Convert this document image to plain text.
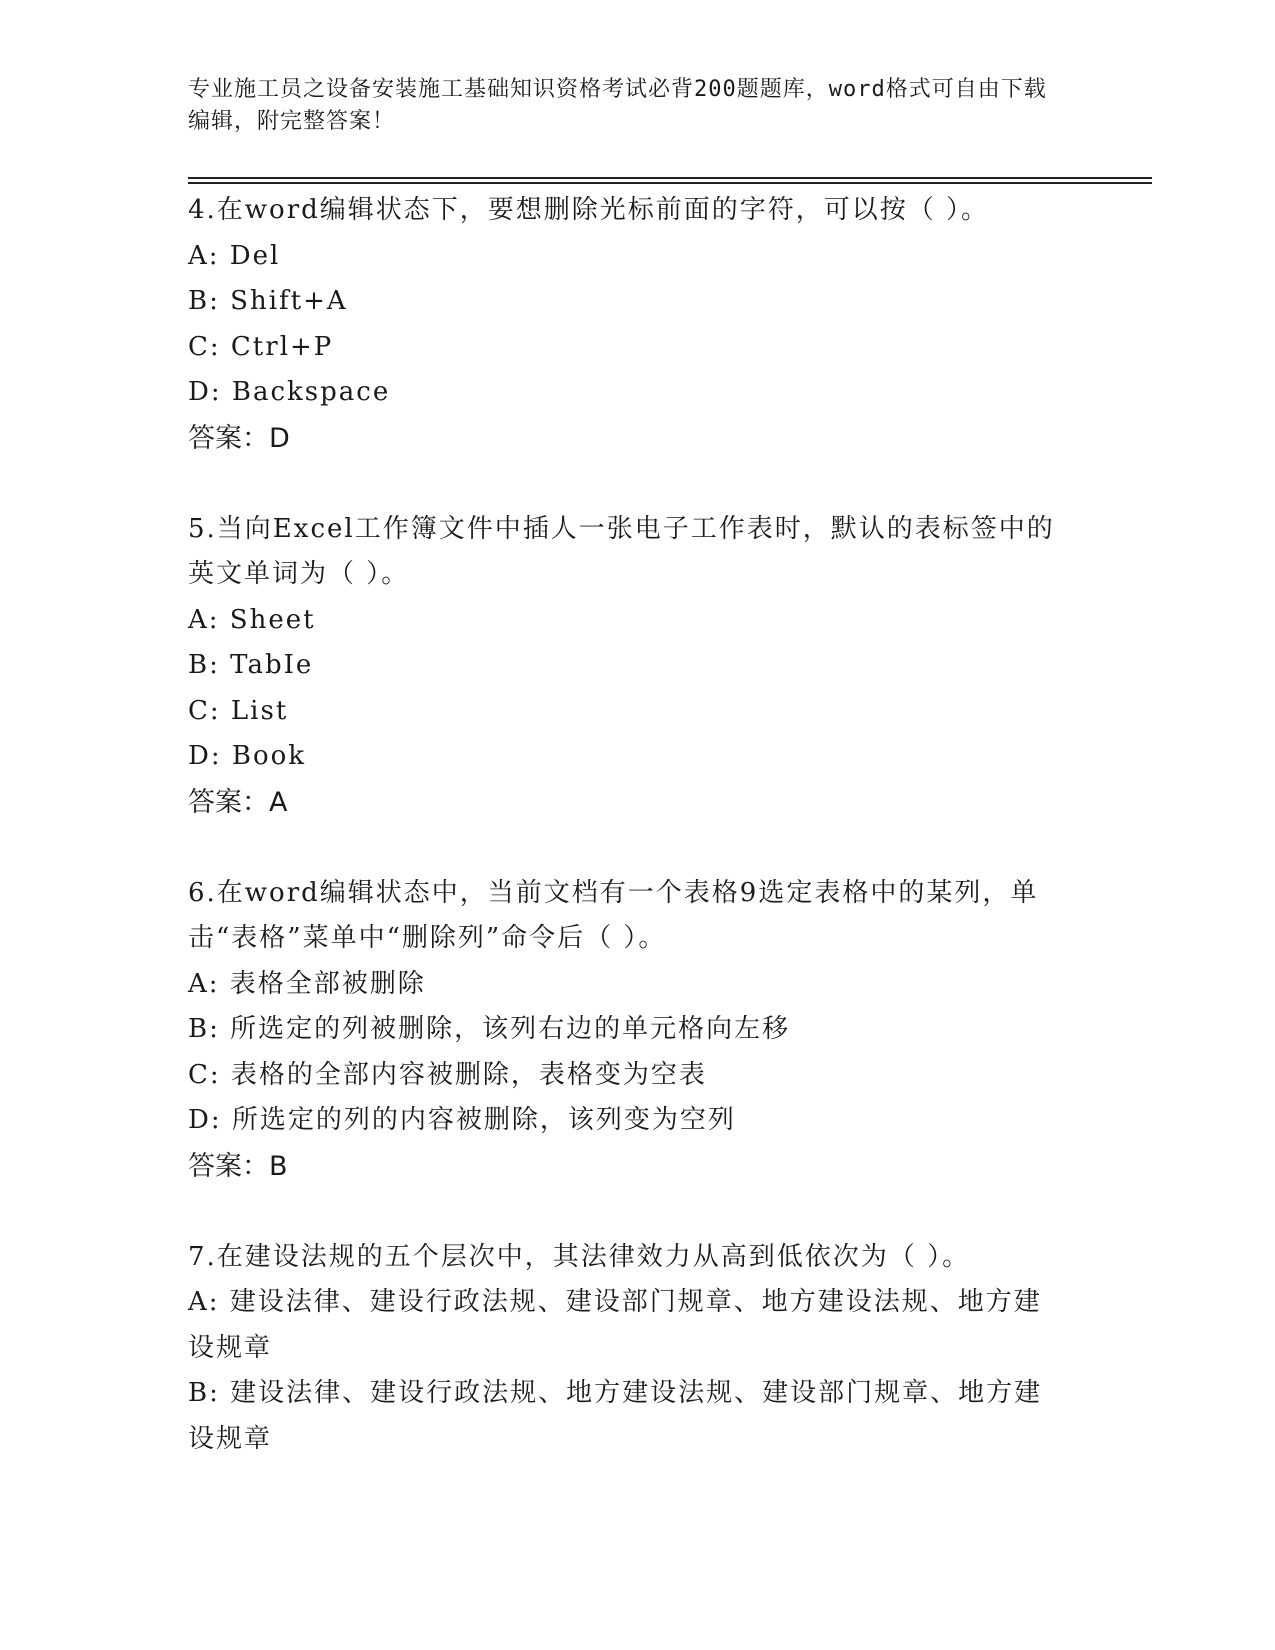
专业施工员之设备安装施工基础知识资格考试必背200题题库，word格式可自由下载编辑，附完整答案！

4.在word编辑状态下，要想删除光标前面的字符，可以按（ ）。

A: Del

B: Shift+A

C: Ctrl+P

D: Backspace

答案：D

5.当向Excel工作簿文件中插人一张电子工作表时，默认的表标签中的英文单词为（ ）。

A: Sheet

B: TabIe

C: List

D: Book

答案：A

6.在word编辑状态中，当前文档有一个表格9选定表格中的某列，单击“表格”菜单中“删除列”命令后（ ）。

A: 表格全部被删除

B: 所选定的列被删除，该列右边的单元格向左移

C: 表格的全部内容被删除，表格变为空表

D: 所选定的列的内容被删除，该列变为空列

答案：B

7.在建设法规的五个层次中，其法律效力从高到低依次为（ ）。

A: 建设法律、建设行政法规、建设部门规章、地方建设法规、地方建设规章

B: 建设法律、建设行政法规、地方建设法规、建设部门规章、地方建设规章
